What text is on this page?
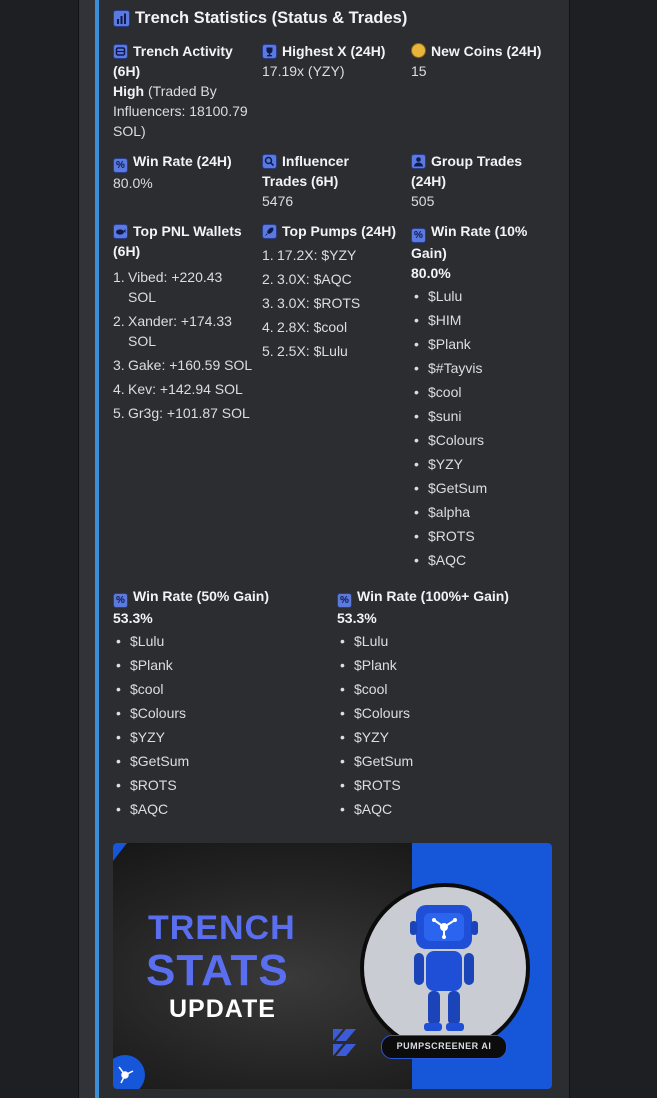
Trench Statistics (Status & Trades)
Trench Activity
(6H)
High (Traded By
Influencers: 18100.79
SOL)
Highest X (24H)
17.19x (YZY)
New Coins (24H)
15
% Win Rate (24H)
80.0%
Influencer
Trades (6H)
5476
Group Trades
(24H)
505
Top PNL Wallets
(6H)
1. Vibed: +220.43
SOL
2. Xander: +174.33
SOL
3. Gake: +160.59 SOL
4. Kev: +142.94 SOL
5. Gr3g: +101.87 SOL
Top Pumps (24H)
1. 17.2X: $YZY
2. 3.0X: $AQC
3. 3.0X: $ROTS
4. 2.8X: $cool
5. 2.5X: $Lulu
% Win Rate (10%
Gain)
80.0%
• $Lulu
• $HIM
• $Plank
• $#Tayvis
• $cool
• $suni
• $Colours
• $YZY
• $GetSum
• $alpha
• $ROTS
• $AQC
% Win Rate (50% Gain)
53.3%
• $Lulu
• $Plank
• $cool
• $Colours
• $YZY
• $GetSum
• $ROTS
• $AQC
% Win Rate (100%+ Gain)
53.3%
• $Lulu
• $Plank
• $cool
• $Colours
• $YZY
• $GetSum
• $ROTS
• $AQC
TRENCH
STATS
UPDATE
PUMPSCREENER AI
